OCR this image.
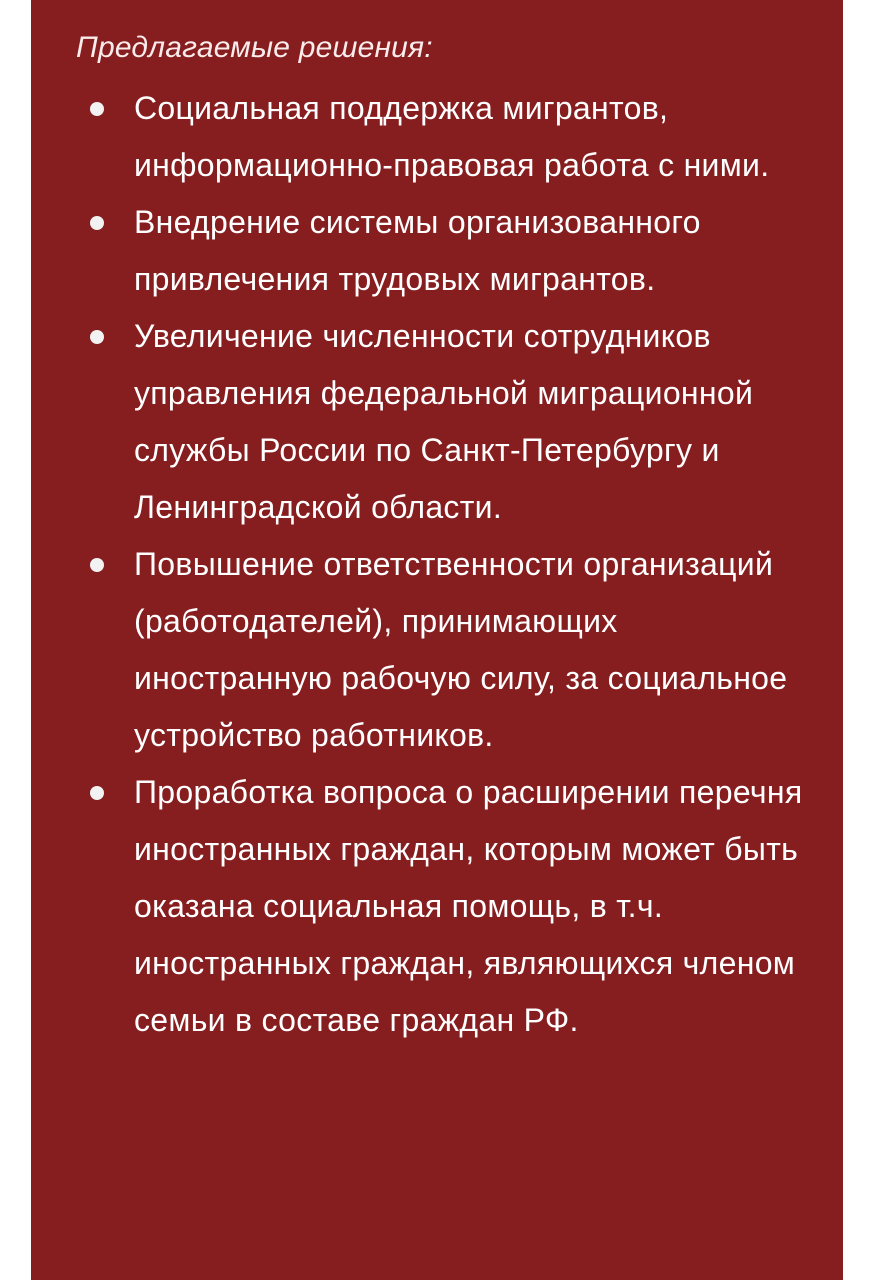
Предлагаемые решения:

Социальная поддержка мигрантов, информационно-правовая работа с ними.
Внедрение системы организованного привлечения трудовых мигрантов.
Увеличение численности сотрудников управления федеральной миграционной службы России по Санкт-Петербургу и Ленинградской области.
Повышение ответственности организаций (работодателей), принимающих иностранную рабочую силу, за социальное устройство работников.
Проработка вопроса о расширении перечня иностранных граждан, которым может быть оказана социальная помощь, в т.ч. иностранных граждан, являющихся членом семьи в составе граждан РФ.
